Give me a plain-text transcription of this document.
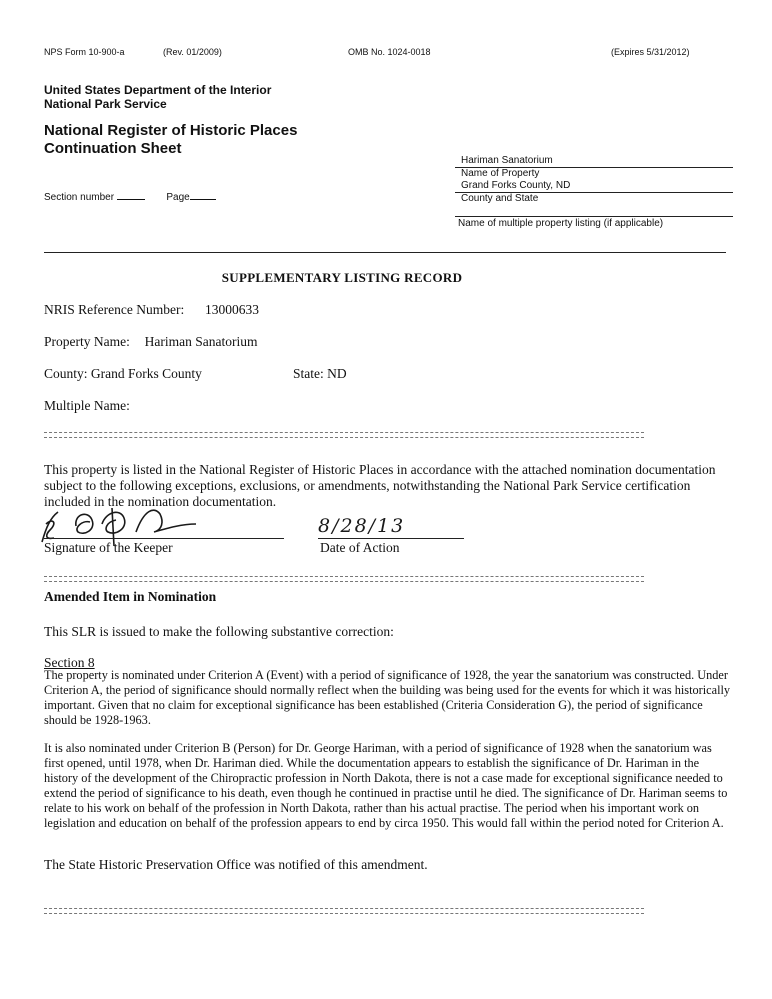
NPS Form 10-900-a	(Rev. 01/2009)	OMB No. 1024-0018	(Expires 5/31/2012)
United States Department of the Interior
National Park Service
National Register of Historic Places
Continuation Sheet
Section number	Page
Hariman Sanatorium
Name of Property
Grand Forks County, ND
County and State
Name of multiple property listing (if applicable)
SUPPLEMENTARY LISTING RECORD
NRIS Reference Number: 13000633
Property Name: Hariman Sanatorium
County: Grand Forks County	State: ND
Multiple Name:
This property is listed in the National Register of Historic Places in accordance with the attached nomination documentation subject to the following exceptions, exclusions, or amendments, notwithstanding the National Park Service certification included in the nomination documentation.
Signature of the Keeper
8/28/13
Date of Action
Amended Item in Nomination
This SLR is issued to make the following substantive correction:
Section 8
The property is nominated under Criterion A (Event) with a period of significance of 1928, the year the sanatorium was constructed. Under Criterion A, the period of significance should normally reflect when the building was being used for the events for which it was historically important. Given that no claim for exceptional significance has been established (Criteria Consideration G), the period of significance should be 1928-1963.
It is also nominated under Criterion B (Person) for Dr. George Hariman, with a period of significance of 1928 when the sanatorium was first opened, until 1978, when Dr. Hariman died. While the documentation appears to establish the significance of Dr. Hariman in the history of the development of the Chiropractic profession in North Dakota, there is not a case made for exceptional significance needed to extend the period of significance to his death, even though he continued in practise until he died. The significance of Dr. Hariman seems to relate to his work on behalf of the profession in North Dakota, rather than his actual practise. The period when his important work on legislation and education on behalf of the profession appears to end by circa 1950. This would fall within the period noted for Criterion A.
The State Historic Preservation Office was notified of this amendment.
